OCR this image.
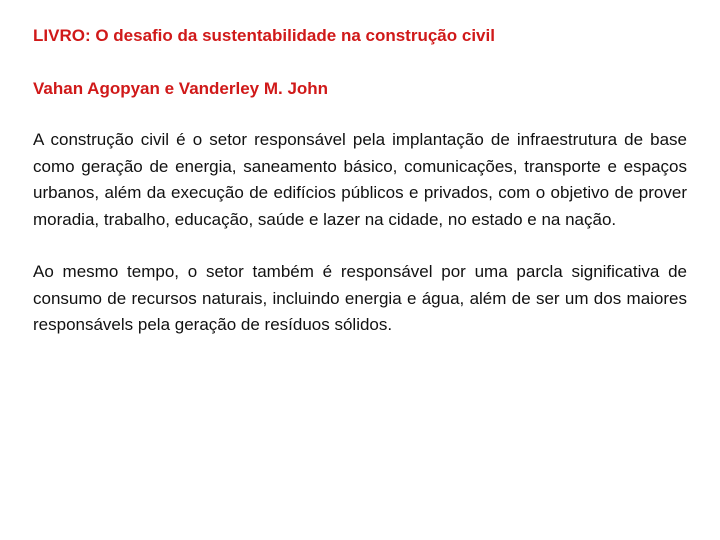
LIVRO: O desafio da sustentabilidade na construção civil

Vahan Agopyan e Vanderley M. John

A construção civil é o setor responsável pela implantação de infraestrutura de base como geração de energia, saneamento básico, comunicações, transporte e espaços urbanos, além da execução de edifícios públicos e privados, com o objetivo de prover moradia, trabalho, educação, saúde e lazer na cidade, no estado e na nação.

Ao mesmo tempo, o setor também é responsável por uma parcla significativa de consumo de recursos naturais, incluindo energia e água, além de ser um dos maiores responsávels pela geração de resíduos sólidos.
